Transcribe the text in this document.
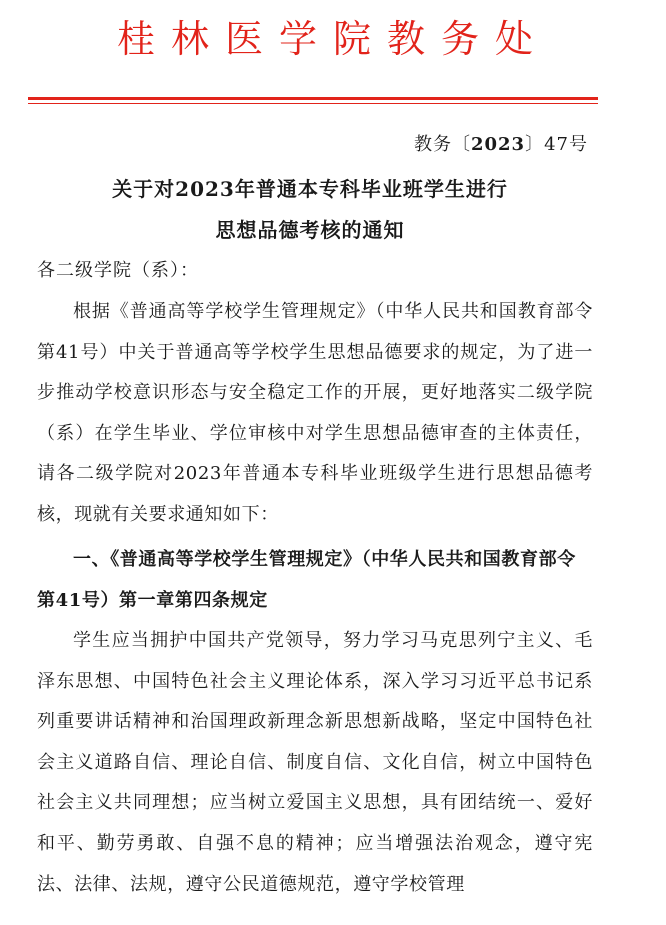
桂林医学院教务处
教务〔2023〕47号
关于对2023年普通本专科毕业班学生进行
思想品德考核的通知
各二级学院（系）：

根据《普通高等学校学生管理规定》（中华人民共和国教育部令第41号）中关于普通高等学校学生思想品德要求的规定，为了进一步推动学校意识形态与安全稳定工作的开展，更好地落实二级学院（系）在学生毕业、学位审核中对学生思想品德审查的主体责任，请各二级学院对2023年普通本专科毕业班级学生进行思想品德考核，现就有关要求通知如下：

一、《普通高等学校学生管理规定》（中华人民共和国教育部令第41号）第一章第四条规定

学生应当拥护中国共产党领导，努力学习马克思列宁主义、毛泽东思想、中国特色社会主义理论体系，深入学习习近平总书记系列重要讲话精神和治国理政新理念新思想新战略，坚定中国特色社会主义道路自信、理论自信、制度自信、文化自信，树立中国特色社会主义共同理想；应当树立爱国主义思想，具有团结统一、爱好和平、勤劳勇敢、自强不息的精神；应当增强法治观念，遵守宪法、法律、法规，遵守公民道德规范，遵守学校管理
